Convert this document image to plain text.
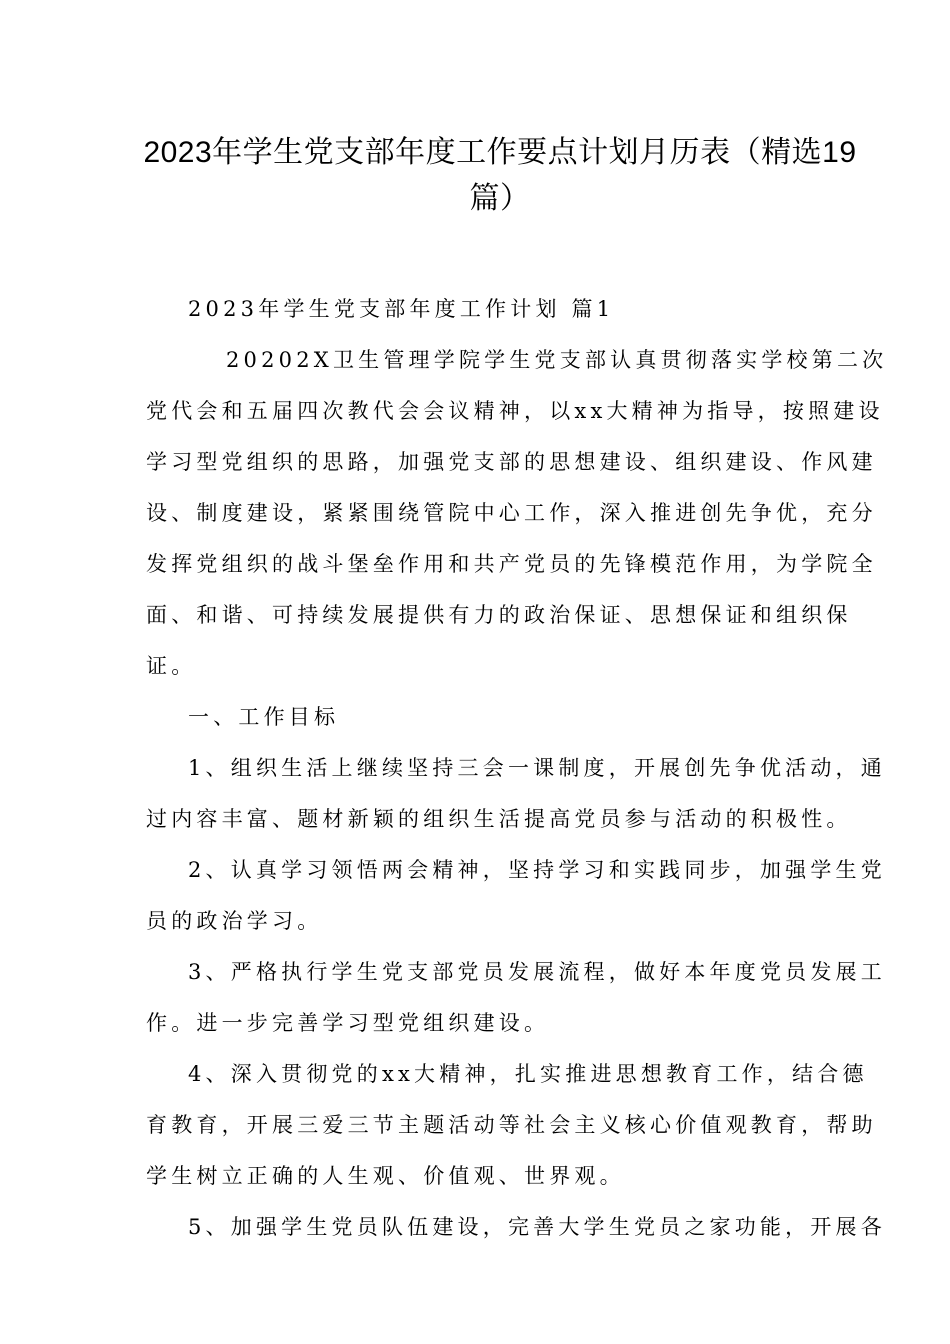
2023年学生党支部年度工作要点计划月历表（精选19
篇）

2023年学生党支部年度工作计划 篇1

20202X卫生管理学院学生党支部认真贯彻落实学校第二次

党代会和五届四次教代会会议精神，以xx大精神为指导，按照建设

学习型党组织的思路，加强党支部的思想建设、组织建设、作风建

设、制度建设，紧紧围绕管院中心工作，深入推进创先争优，充分

发挥党组织的战斗堡垒作用和共产党员的先锋模范作用，为学院全

面、和谐、可持续发展提供有力的政治保证、思想保证和组织保

证。

一、工作目标

1、组织生活上继续坚持三会一课制度，开展创先争优活动，通

过内容丰富、题材新颖的组织生活提高党员参与活动的积极性。

2、认真学习领悟两会精神，坚持学习和实践同步，加强学生党

员的政治学习。

3、严格执行学生党支部党员发展流程，做好本年度党员发展工

作。进一步完善学习型党组织建设。

4、深入贯彻党的xx大精神，扎实推进思想教育工作，结合德

育教育，开展三爱三节主题活动等社会主义核心价值观教育，帮助

学生树立正确的人生观、价值观、世界观。

5、加强学生党员队伍建设，完善大学生党员之家功能，开展各
